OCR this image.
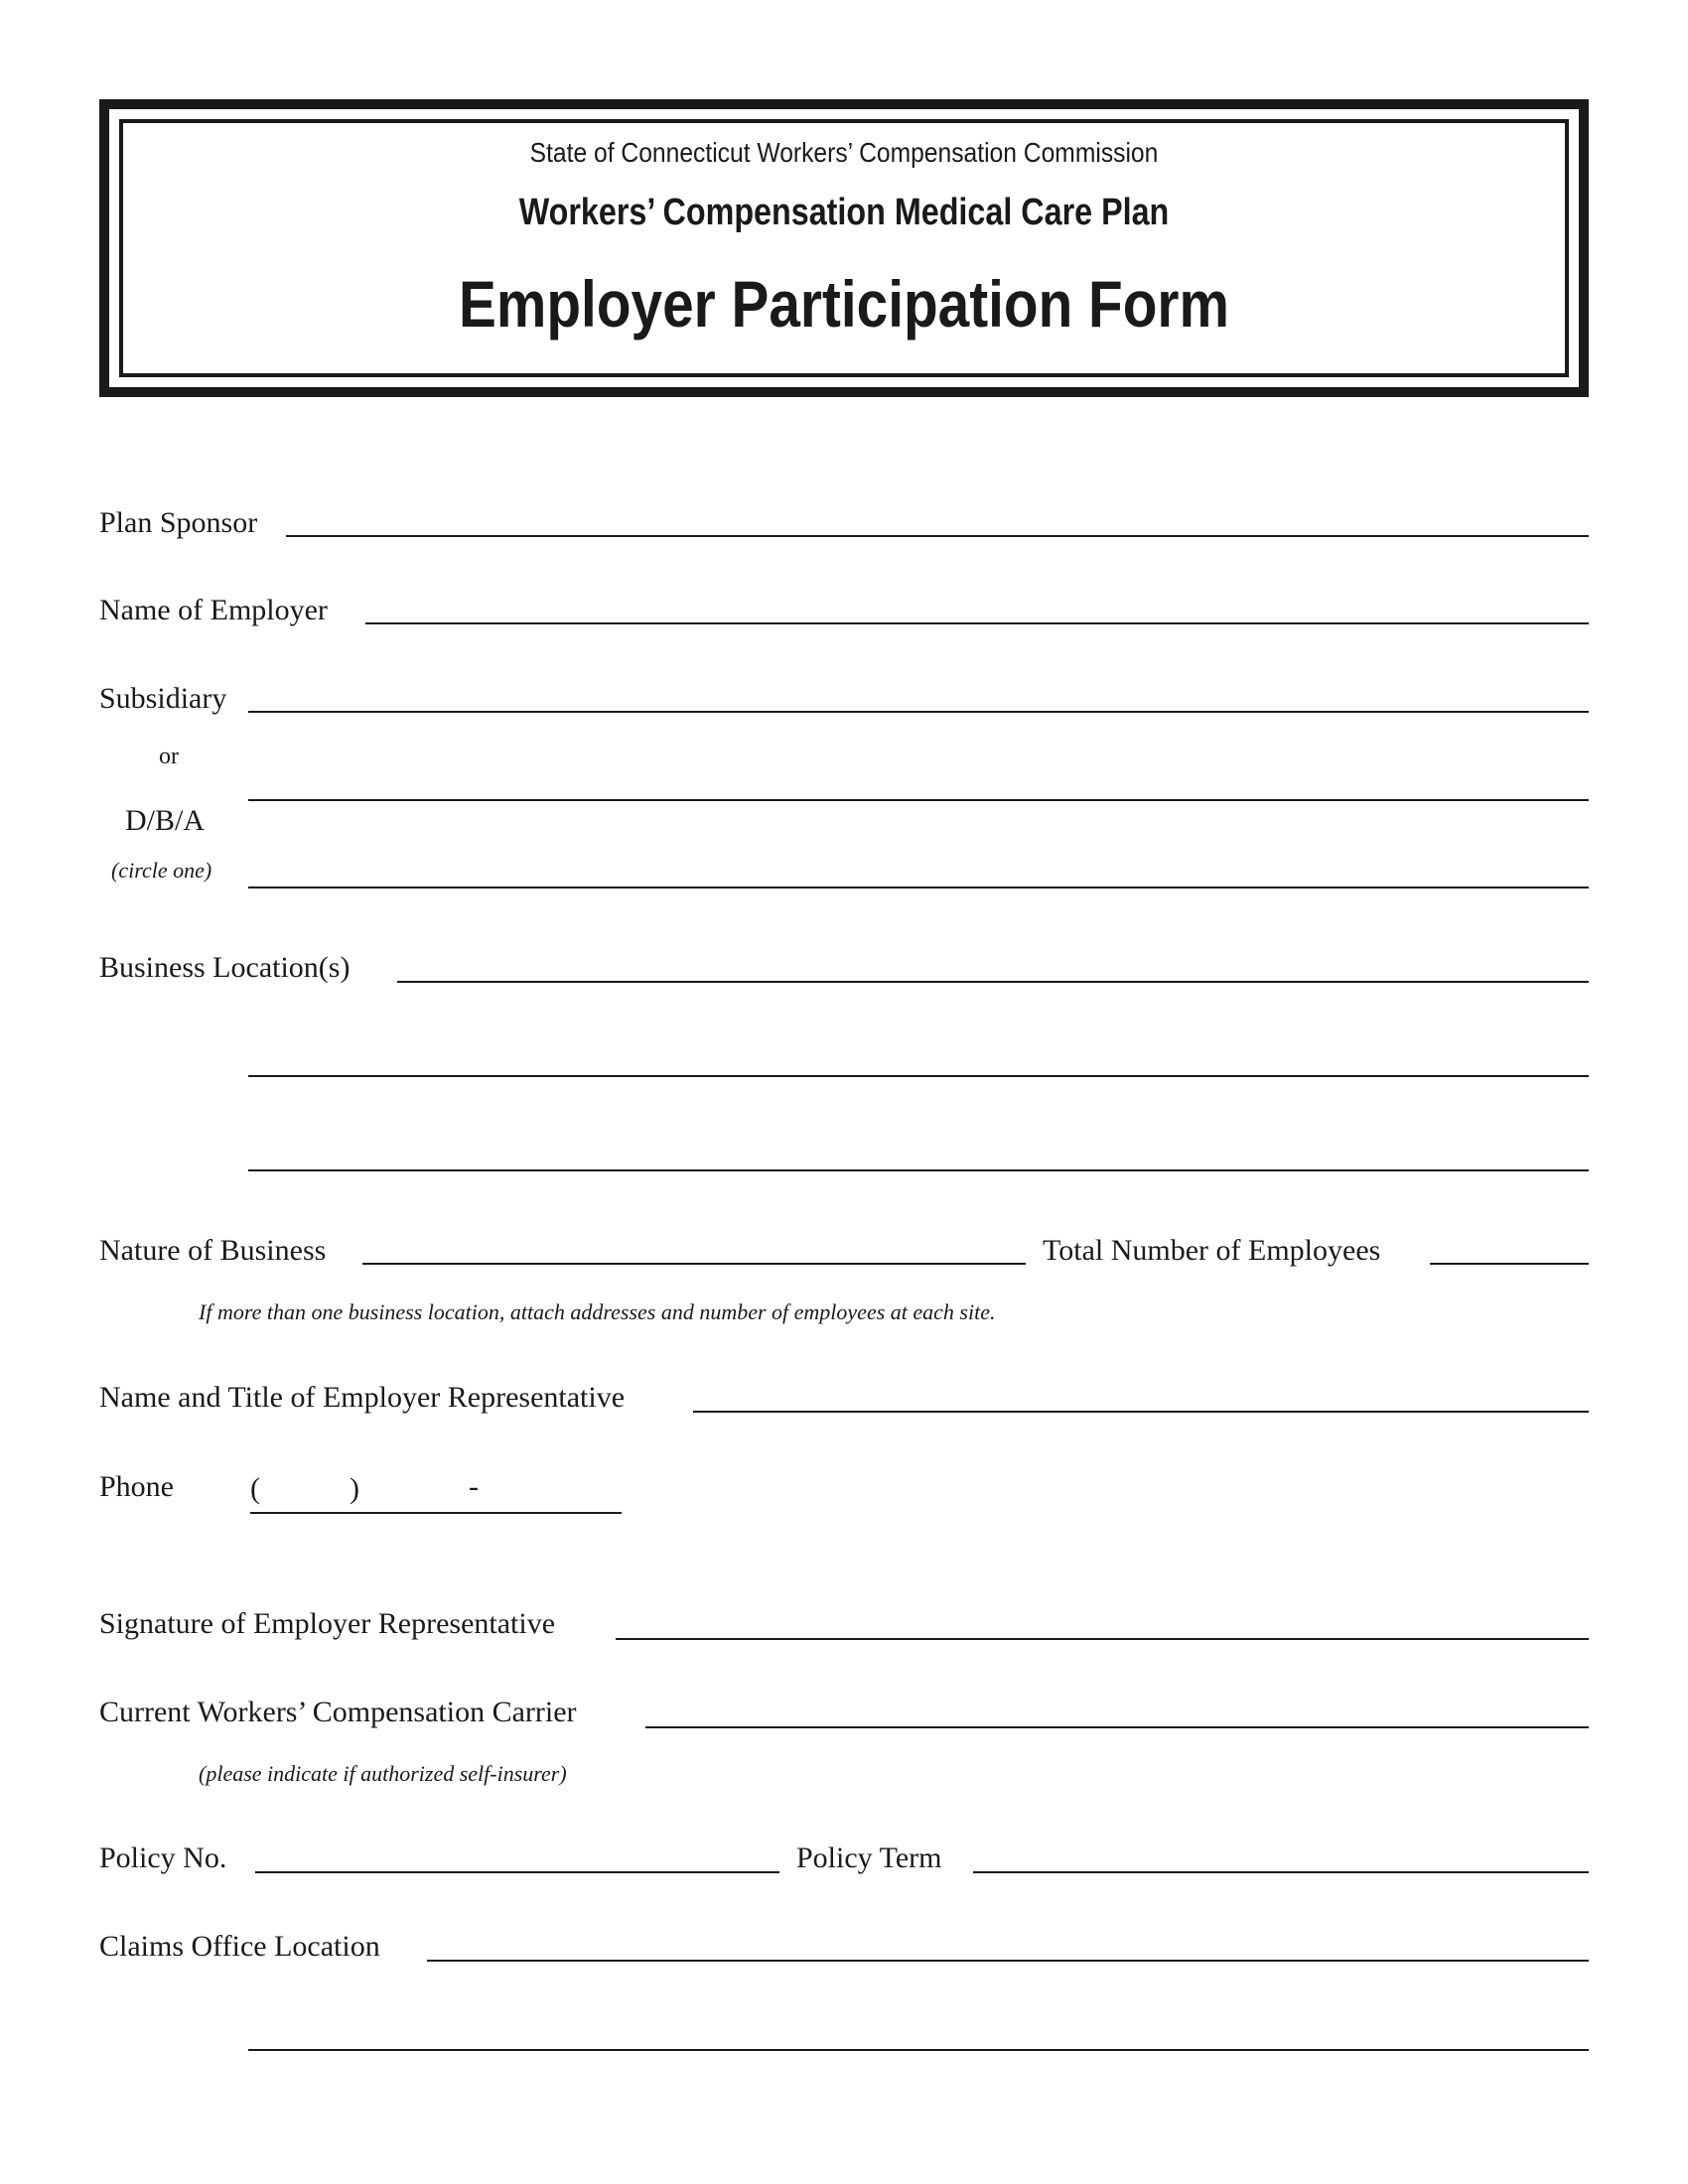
State of Connecticut Workers’ Compensation Commission
Workers’ Compensation Medical Care Plan
Employer Participation Form
Plan Sponsor
Name of Employer
Subsidiary
or
D/B/A
(circle one)
Business Location(s)
Nature of Business	Total Number of Employees
If more than one business location, attach addresses and number of employees at each site.
Name and Title of Employer Representative
Phone	(	)	-
Signature of Employer Representative
Current Workers’ Compensation Carrier
(please indicate if authorized self-insurer)
Policy No.	Policy Term
Claims Office Location
